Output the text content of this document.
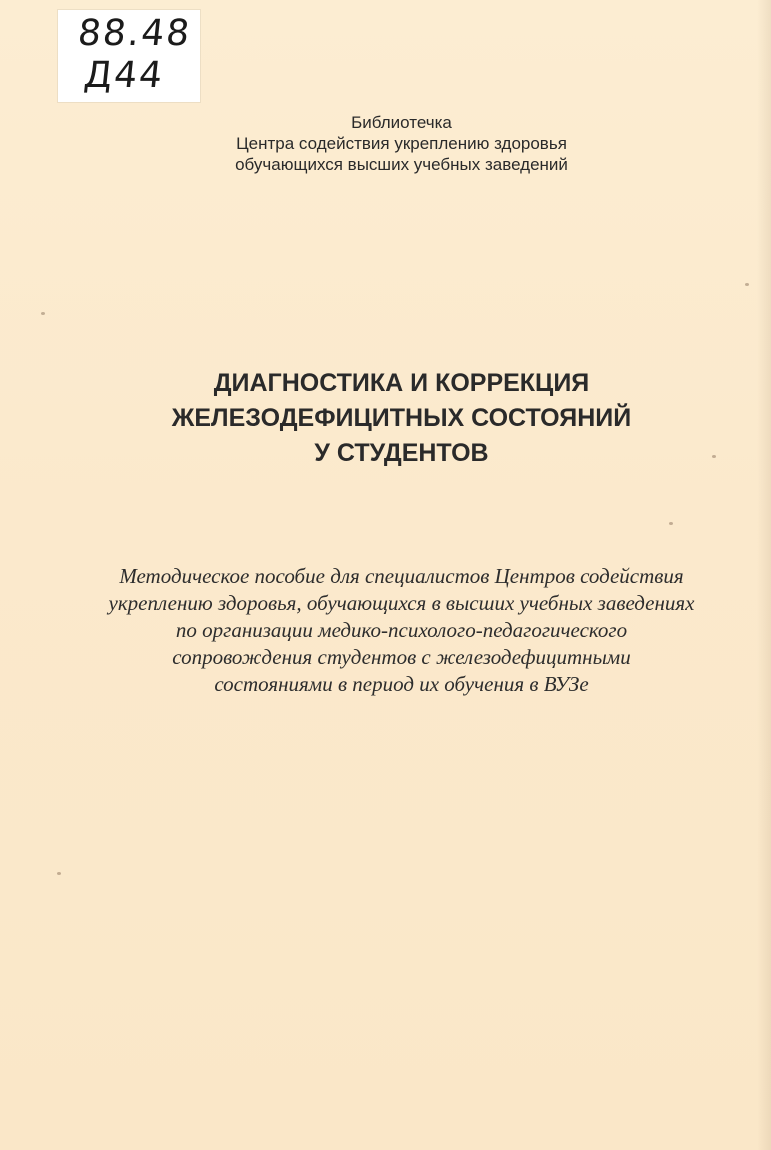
88.48
Д44
Библиотечка
Центра содействия укреплению здоровья
обучающихся высших учебных заведений
ДИАГНОСТИКА И КОРРЕКЦИЯ
ЖЕЛЕЗОДЕФИЦИТНЫХ СОСТОЯНИЙ
У СТУДЕНТОВ
Методическое пособие для специалистов Центров содействия
укреплению здоровья, обучающихся в высших учебных заведениях
по организации медико-психолого-педагогического
сопровождения студентов с железодефицитными
состояниями в период их обучения в ВУЗе
